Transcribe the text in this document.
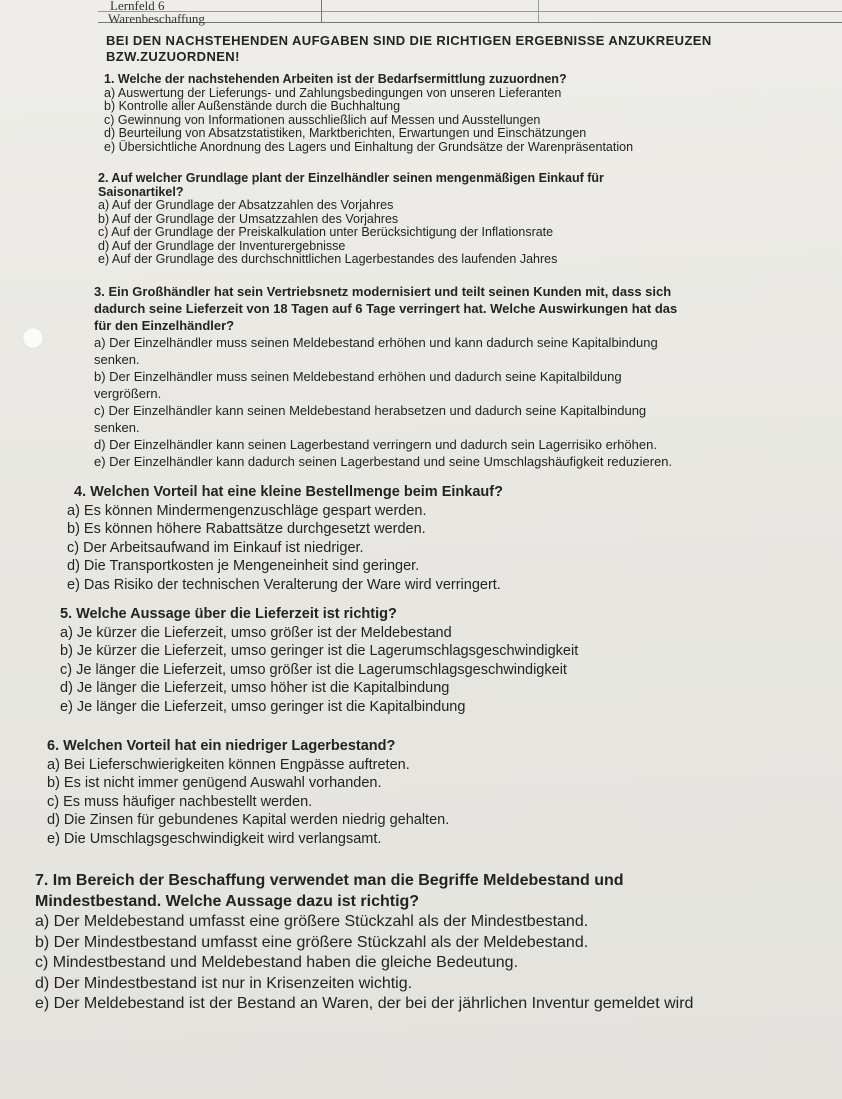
Lernfeld 6
Warenbeschaffung
BEI DEN NACHSTEHENDEN AUFGABEN SIND DIE RICHTIGEN ERGEBNISSE ANZUKREUZEN
BZW.ZUZUORDNEN!
1. Welche der nachstehenden Arbeiten ist der Bedarfsermittlung zuzuordnen?
a) Auswertung der Lieferungs- und Zahlungsbedingungen von unseren Lieferanten
b) Kontrolle aller Außenstände durch die Buchhaltung
c) Gewinnung von Informationen ausschließlich auf Messen und Ausstellungen
d) Beurteilung von Absatzstatistiken, Marktberichten, Erwartungen und Einschätzungen
e) Übersichtliche Anordnung des Lagers und Einhaltung der Grundsätze der Warenpräsentation
2. Auf welcher Grundlage plant der Einzelhändler seinen mengenmäßigen Einkauf für
Saisonartikel?
a) Auf der Grundlage der Absatzzahlen des Vorjahres
b) Auf der Grundlage der Umsatzzahlen des Vorjahres
c) Auf der Grundlage der Preiskalkulation unter Berücksichtigung der Inflationsrate
d) Auf der Grundlage der Inventurergebnisse
e) Auf der Grundlage des durchschnittlichen Lagerbestandes des laufenden Jahres
3. Ein Großhändler hat sein Vertriebsnetz modernisiert und teilt seinen Kunden mit, dass sich
dadurch seine Lieferzeit von 18 Tagen auf 6 Tage verringert hat. Welche Auswirkungen hat das
für den Einzelhändler?
a) Der Einzelhändler muss seinen Meldebestand erhöhen und kann dadurch seine Kapitalbindung
senken.
b) Der Einzelhändler muss seinen Meldebestand erhöhen und dadurch seine Kapitalbildung
vergrößern.
c) Der Einzelhändler kann seinen Meldebestand herabsetzen und dadurch seine Kapitalbindung
senken.
d) Der Einzelhändler kann seinen Lagerbestand verringern und dadurch sein Lagerrisiko erhöhen.
e) Der Einzelhändler kann dadurch seinen Lagerbestand und seine Umschlagshäufigkeit reduzieren.
4. Welchen Vorteil hat eine kleine Bestellmenge beim Einkauf?
a) Es können Mindermengenzuschläge gespart werden.
b) Es können höhere Rabattsätze durchgesetzt werden.
c) Der Arbeitsaufwand im Einkauf ist niedriger.
d) Die Transportkosten je Mengeneinheit sind geringer.
e) Das Risiko der technischen Veralterung der Ware wird verringert.
5. Welche Aussage über die Lieferzeit ist richtig?
a) Je kürzer die Lieferzeit, umso größer ist der Meldebestand
b) Je kürzer die Lieferzeit, umso geringer ist die Lagerumschlagsgeschwindigkeit
c) Je länger die Lieferzeit, umso größer ist die Lagerumschlagsgeschwindigkeit
d) Je länger die Lieferzeit, umso höher ist die Kapitalbindung
e) Je länger die Lieferzeit, umso geringer ist die Kapitalbindung
6. Welchen Vorteil hat ein niedriger Lagerbestand?
a) Bei Lieferschwierigkeiten können Engpässe auftreten.
b) Es ist nicht immer genügend Auswahl vorhanden.
c) Es muss häufiger nachbestellt werden.
d) Die Zinsen für gebundenes Kapital werden niedrig gehalten.
e) Die Umschlagsgeschwindigkeit wird verlangsamt.
7. Im Bereich der Beschaffung verwendet man die Begriffe Meldebestand und
Mindestbestand. Welche Aussage dazu ist richtig?
a) Der Meldebestand umfasst eine größere Stückzahl als der Mindestbestand.
b) Der Mindestbestand umfasst eine größere Stückzahl als der Meldebestand.
c) Mindestbestand und Meldebestand haben die gleiche Bedeutung.
d) Der Mindestbestand ist nur in Krisenzeiten wichtig.
e) Der Meldebestand ist der Bestand an Waren, der bei der jährlichen Inventur gemeldet wird
